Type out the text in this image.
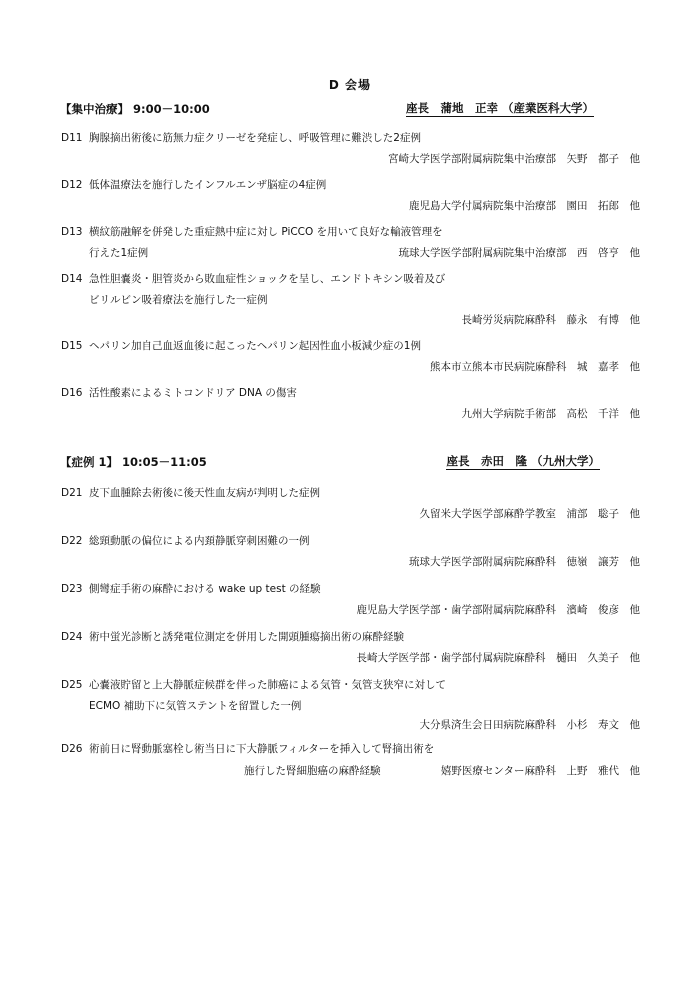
D 会場
【集中治療】 9:00－10:00	座長　蒲地　正幸 （産業医科大学）
D11 胸腺摘出術後に筋無力症クリーゼを発症し、呼吸管理に難渋した2症例
宮崎大学医学部附属病院集中治療部　矢野　都子　他
D12 低体温療法を施行したインフルエンザ脳症の4症例
鹿児島大学付属病院集中治療部　園田　拓郎　他
D13 横紋筋融解を併発した重症熱中症に対し PiCCO を用いて良好な輸液管理を
行えた1症例	琉球大学医学部附属病院集中治療部　西　啓亨　他
D14 急性胆嚢炎・胆管炎から敗血症性ショックを呈し、エンドトキシン吸着及び
ビリルビン吸着療法を施行した一症例
長崎労災病院麻酔科　藤永　有博　他
D15 ヘパリン加自己血返血後に起こったヘパリン起因性血小板減少症の1例
熊本市立熊本市民病院麻酔科　城　嘉孝　他
D16 活性酸素によるミトコンドリア DNA の傷害
九州大学病院手術部　高松　千洋　他
【症例 1】 10:05－11:05	座長　赤田　隆 （九州大学）
D21 皮下血腫除去術後に後天性血友病が判明した症例
久留米大学医学部麻酔学教室　浦部　聡子　他
D22 総頸動脈の偏位による内頚静脈穿刺困難の一例
琉球大学医学部附属病院麻酔科　徳嶺　譲芳　他
D23 側彎症手術の麻酔における wake up test の経験
鹿児島大学医学部・歯学部附属病院麻酔科　濱崎　俊彦　他
D24 術中蛍光診断と誘発電位測定を併用した開頭腫瘍摘出術の麻酔経験
長崎大学医学部・歯学部付属病院麻酔科　樋田　久美子　他
D25 心嚢液貯留と上大静脈症候群を伴った肺癌による気管・気管支狭窄に対して
ECMO 補助下に気管ステントを留置した一例
大分県済生会日田病院麻酔科　小杉　寿文　他
D26 術前日に腎動脈塞栓し術当日に下大静脈フィルターを挿入して腎摘出術を
施行した腎細胞癌の麻酔経験	嬉野医療センター麻酔科　上野　雅代　他
